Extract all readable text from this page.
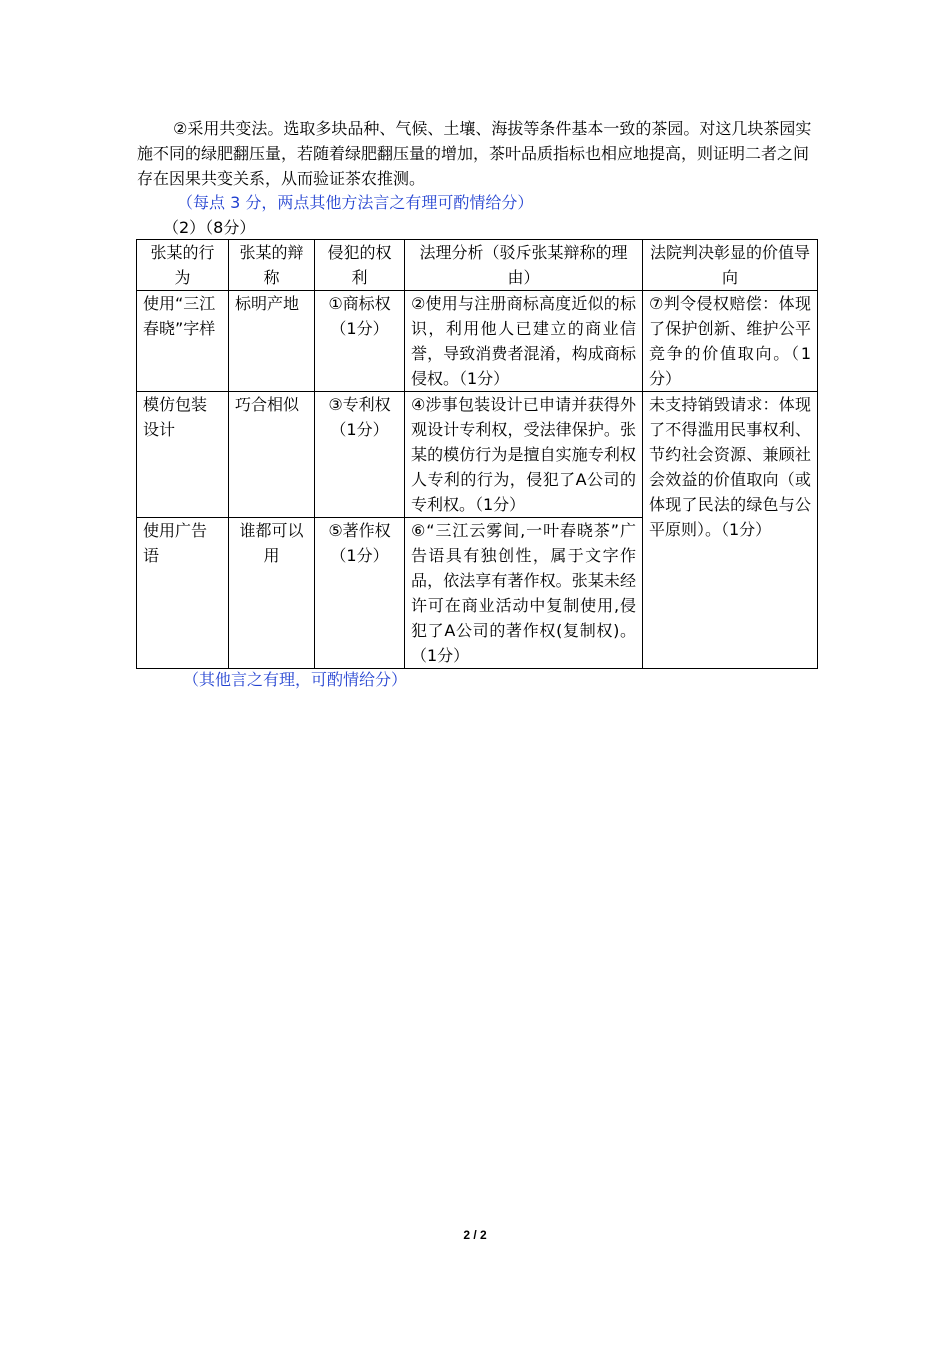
②采用共变法。选取多块品种、气候、土壤、海拔等条件基本一致的茶园。对这几块茶园实施不同的绿肥翻压量，若随着绿肥翻压量的增加，茶叶品质指标也相应地提高，则证明二者之间存在因果共变关系，从而验证茶农推测。

（每点 3 分，两点其他方法言之有理可酌情给分）
（2）（8分）
张某的行为	张某的辩称	侵犯的权利	法理分析（驳斥张某辩称的理由）	法院判决彰显的价值导向
使用“三江春晓”字样	标明产地	①商标权（1分）	②使用与注册商标高度近似的标识，利用他人已建立的商业信誉，导致消费者混淆，构成商标侵权。（1分）	⑦判令侵权赔偿：体现了保护创新、维护公平竞争的价值取向。（1分）
模仿包装设计	巧合相似	③专利权（1分）	④涉事包装设计已申请并获得外观设计专利权，受法律保护。张某的模仿行为是擅自实施专利权人专利的行为，侵犯了A公司的专利权。（1分）	未支持销毁请求：体现了不得滥用民事权利、节约社会资源、兼顾社会效益的价值取向（或体现了民法的绿色与公平原则）。（1分）
使用广告语	谁都可以用	⑤著作权（1分）	⑥“三江云雾间,一叶春晓茶”广告语具有独创性，属于文字作品，依法享有著作权。张某未经许可在商业活动中复制使用,侵犯了A公司的著作权(复制权)。（1分）	
（其他言之有理，可酌情给分）
2 / 2
